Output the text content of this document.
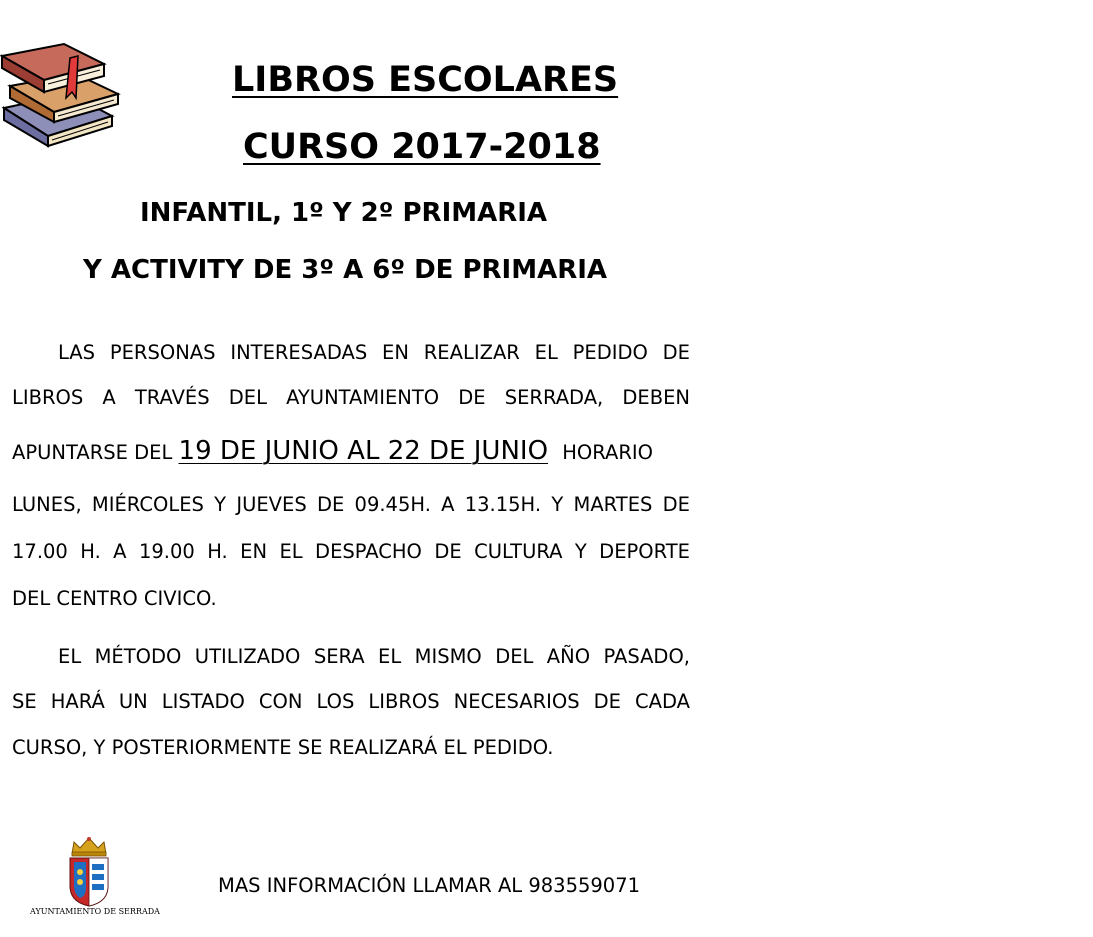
LIBROS ESCOLARES
CURSO 2017-2018
INFANTIL, 1º Y 2º PRIMARIA
Y ACTIVITY DE 3º A 6º DE PRIMARIA

LAS PERSONAS INTERESADAS EN REALIZAR EL PEDIDO DE

LIBROS A TRAVÉS DEL AYUNTAMIENTO DE SERRADA, DEBEN

APUNTARSE DEL 19 DE JUNIO AL 22 DE JUNIO HORARIO

LUNES, MIÉRCOLES Y JUEVES DE 09.45H. A 13.15H. Y MARTES DE

17.00 H. A 19.00 H. EN EL DESPACHO DE CULTURA Y DEPORTE

DEL CENTRO CIVICO.

EL MÉTODO UTILIZADO SERA EL MISMO DEL AÑO PASADO,

SE HARÁ UN LISTADO CON LOS LIBROS NECESARIOS DE CADA

CURSO, Y POSTERIORMENTE SE REALIZARÁ EL PEDIDO.

AYUNTAMIENTO DE SERRADA

MAS INFORMACIÓN LLAMAR AL 983559071
